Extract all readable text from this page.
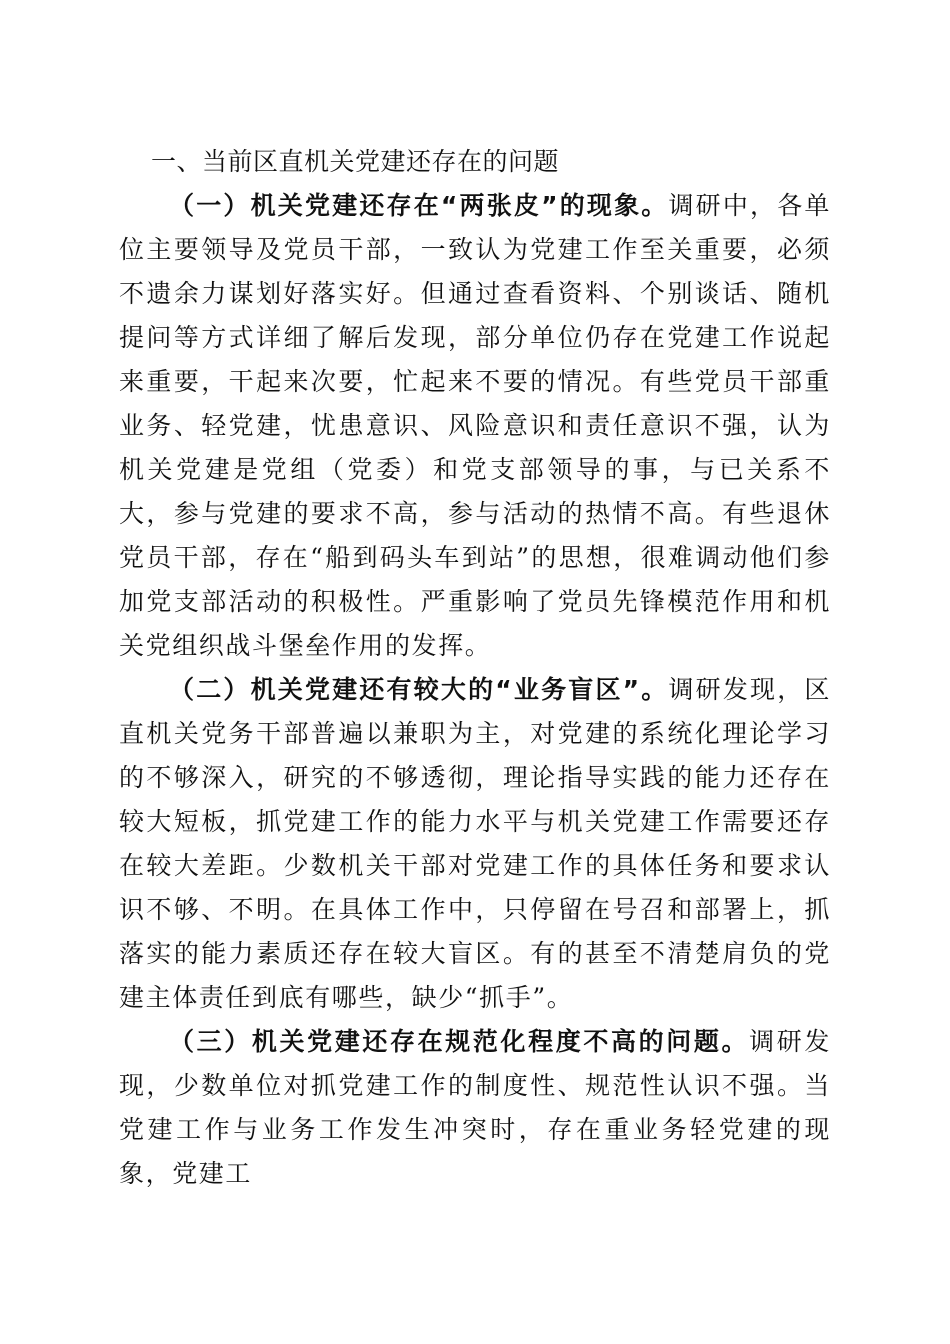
一、当前区直机关党建还存在的问题

（一）机关党建还存在“两张皮”的现象。调研中，各单位主要领导及党员干部，一致认为党建工作至关重要，必须不遗余力谋划好落实好。但通过查看资料、个别谈话、随机提问等方式详细了解后发现，部分单位仍存在党建工作说起来重要，干起来次要，忙起来不要的情况。有些党员干部重业务、轻党建，忧患意识、风险意识和责任意识不强，认为机关党建是党组（党委）和党支部领导的事，与已关系不大，参与党建的要求不高，参与活动的热情不高。有些退休党员干部，存在“船到码头车到站”的思想，很难调动他们参加党支部活动的积极性。严重影响了党员先锋模范作用和机关党组织战斗堡垒作用的发挥。

（二）机关党建还有较大的“业务盲区”。调研发现，区直机关党务干部普遍以兼职为主，对党建的系统化理论学习的不够深入，研究的不够透彻，理论指导实践的能力还存在较大短板，抓党建工作的能力水平与机关党建工作需要还存在较大差距。少数机关干部对党建工作的具体任务和要求认识不够、不明。在具体工作中，只停留在号召和部署上，抓落实的能力素质还存在较大盲区。有的甚至不清楚肩负的党建主体责任到底有哪些，缺少“抓手”。

（三）机关党建还存在规范化程度不高的问题。调研发现，少数单位对抓党建工作的制度性、规范性认识不强。当党建工作与业务工作发生冲突时，存在重业务轻党建的现象，党建工
